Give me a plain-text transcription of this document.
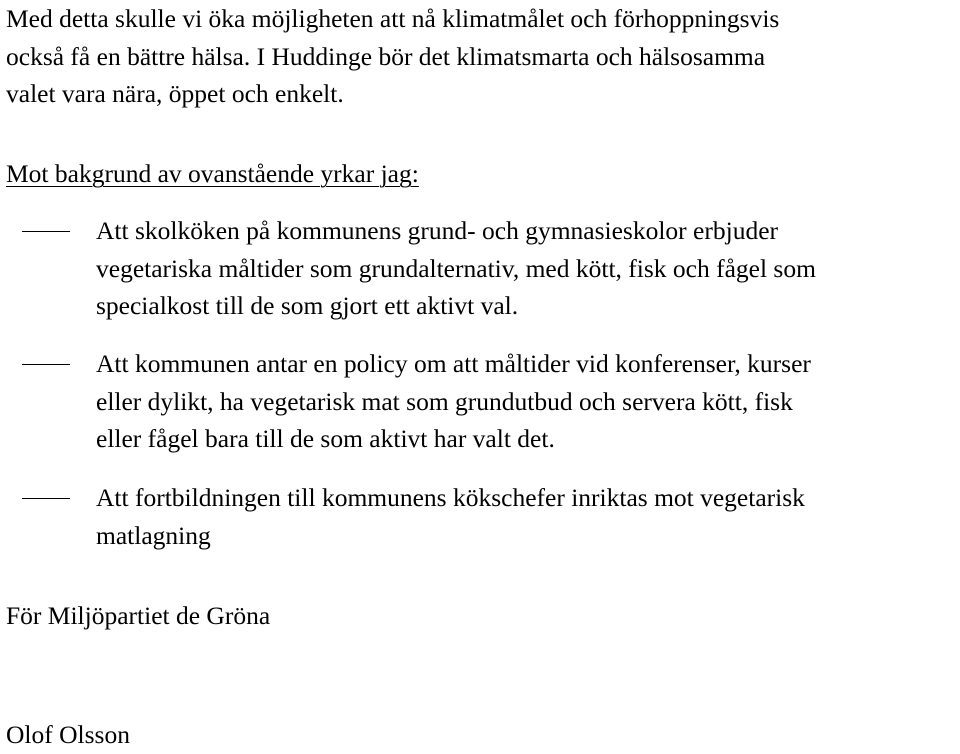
Med detta skulle vi öka möjligheten att nå klimatmålet och förhoppningsvis
också få en bättre hälsa. I Huddinge bör det klimatsmarta och hälsosamma
valet vara nära, öppet och enkelt.

Mot bakgrund av ovanstående yrkar jag:

Att skolköken på kommunens grund- och gymnasieskolor erbjuder
vegetariska måltider som grundalternativ, med kött, fisk och fågel som
specialkost till de som gjort ett aktivt val.
Att kommunen antar en policy om att måltider vid konferenser, kurser
eller dylikt, ha vegetarisk mat som grundutbud och servera kött, fisk
eller fågel bara till de som aktivt har valt det.
Att fortbildningen till kommunens kökschefer inriktas mot vegetarisk
matlagning

För Miljöpartiet de Gröna

Olof Olsson
